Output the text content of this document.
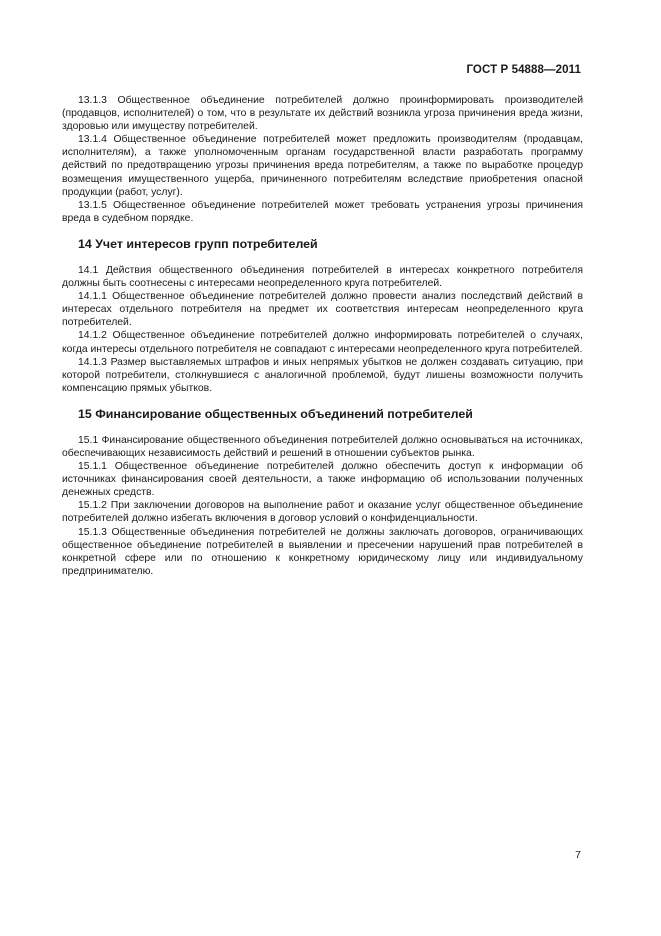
ГОСТ Р 54888—2011

13.1.3 Общественное объединение потребителей должно проинформировать производителей (продавцов, исполнителей) о том, что в результате их действий возникла угроза причинения вреда жизни, здоровью или имуществу потребителей.

13.1.4 Общественное объединение потребителей может предложить производителям (продавцам, исполнителям), а также уполномоченным органам государственной власти разработать программу действий по предотвращению угрозы причинения вреда потребителям, а также по выработке процедур возмещения имущественного ущерба, причиненного потребителям вследствие приобретения опасной продукции (работ, услуг).

13.1.5 Общественное объединение потребителей может требовать устранения угрозы причинения вреда в судебном порядке.

14 Учет интересов групп потребителей

14.1 Действия общественного объединения потребителей в интересах конкретного потребителя должны быть соотнесены с интересами неопределенного круга потребителей.

14.1.1 Общественное объединение потребителей должно провести анализ последствий действий в интересах отдельного потребителя на предмет их соответствия интересам неопределенного круга потребителей.

14.1.2 Общественное объединение потребителей должно информировать потребителей о случаях, когда интересы отдельного потребителя не совпадают с интересами неопределенного круга потребителей.

14.1.3 Размер выставляемых штрафов и иных непрямых убытков не должен создавать ситуацию, при которой потребители, столкнувшиеся с аналогичной проблемой, будут лишены возможности получить компенсацию прямых убытков.

15 Финансирование общественных объединений потребителей

15.1 Финансирование общественного объединения потребителей должно основываться на источниках, обеспечивающих независимость действий и решений в отношении субъектов рынка.

15.1.1 Общественное объединение потребителей должно обеспечить доступ к информации об источниках финансирования своей деятельности, а также информацию об использовании полученных денежных средств.

15.1.2 При заключении договоров на выполнение работ и оказание услуг общественное объединение потребителей должно избегать включения в договор условий о конфиденциальности.

15.1.3 Общественные объединения потребителей не должны заключать договоров, ограничивающих общественное объединение потребителей в выявлении и пресечении нарушений прав потребителей в конкретной сфере или по отношению к конкретному юридическому лицу или индивидуальному предпринимателю.

7
